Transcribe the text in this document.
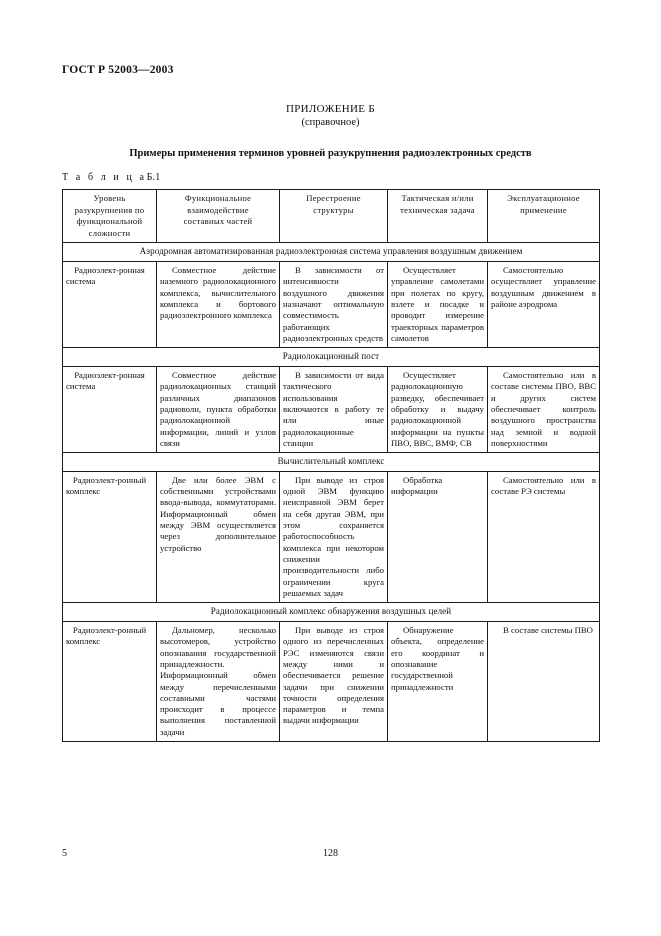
ГОСТ Р 52003—2003
ПРИЛОЖЕНИЕ Б
(справочное)
Примеры применения терминов уровней разукрупнения радиоэлектронных средств
Т а б л и ц аБ.1
Уровень
разукрупнения по
функциональной
сложности	Функциональное
взаимодействие
составных частей	Перестроение
структуры	Тактическая и/или
техническая задача	Эксплуатационное
применение
Аэродромная автоматизированная радиоэлектронная система управления воздушным движением				
Радиоэлект-ронная система	Совместное действие наземного радиолокационного комплекса, вычислительного комплекса и бортового радиоэлектронного комплекса	В зависимости от интенсивности воздушного движения назначают оптимальную совместимость работающих радиоэлектронных средств	Осуществляет управление самолетами при полетах по кругу, взлете и посадке и проводит измерение траекторных параметров самолетов	Самостоятельно осуществляет управление воздушным движением в районе аэродрома

Радиолокационный пост				
Радиоэлект-ронная система	Совместное действие радиолокационных станций различных диапазонов радиоволн, пункта обработки радиолокационной информации, линий и узлов связи	В зависимости от вида тактического использования включаются в работу те или иные радиолокационные станции	Осуществляет радиолокационную разведку, обеспечивает обработку и выдачу радиолокационной информации на пункты ПВО, ВВС, ВМФ, СВ	Самостоятельно или в составе системы ПВО, ВВС и других систем обеспечивает контроль воздушного пространства над земной и водной поверхностями

Вычислительный комплекс				
Радиоэлект-ронный комплекс	Две или более ЭВМ с собственными устройствами ввода-вывода, коммутаторами. Информационный обмен между ЭВМ осуществляется через дополнительное устройство	При выводе из строя одной ЭВМ функцию неисправной ЭВМ берет на себя другая ЭВМ, при этом сохраняется работоспособность комплекса при некотором снижении производительности либо ограничении круга решаемых задач	Обработка информации	Самостоятельно или в составе РЭ системы

Радиолокационный комплекс обнаружения воздушных целей				
Радиоэлект-ронный комплекс	Дальномер, несколько высотомеров, устройство опознавания государственной принадлежности. Информационный обмен между перечисленными составными частями происходит в процессе выполнения поставленной задачи	При выводе из строя одного из перечисленных РЭС изменяются связи между ними и обеспечивается решение задачи при снижении точности определения параметров и темпа выдачи информации	Обнаружение объекта, определение его координат и опознавание государственной принадлежности	В составе системы ПВО

5	128
